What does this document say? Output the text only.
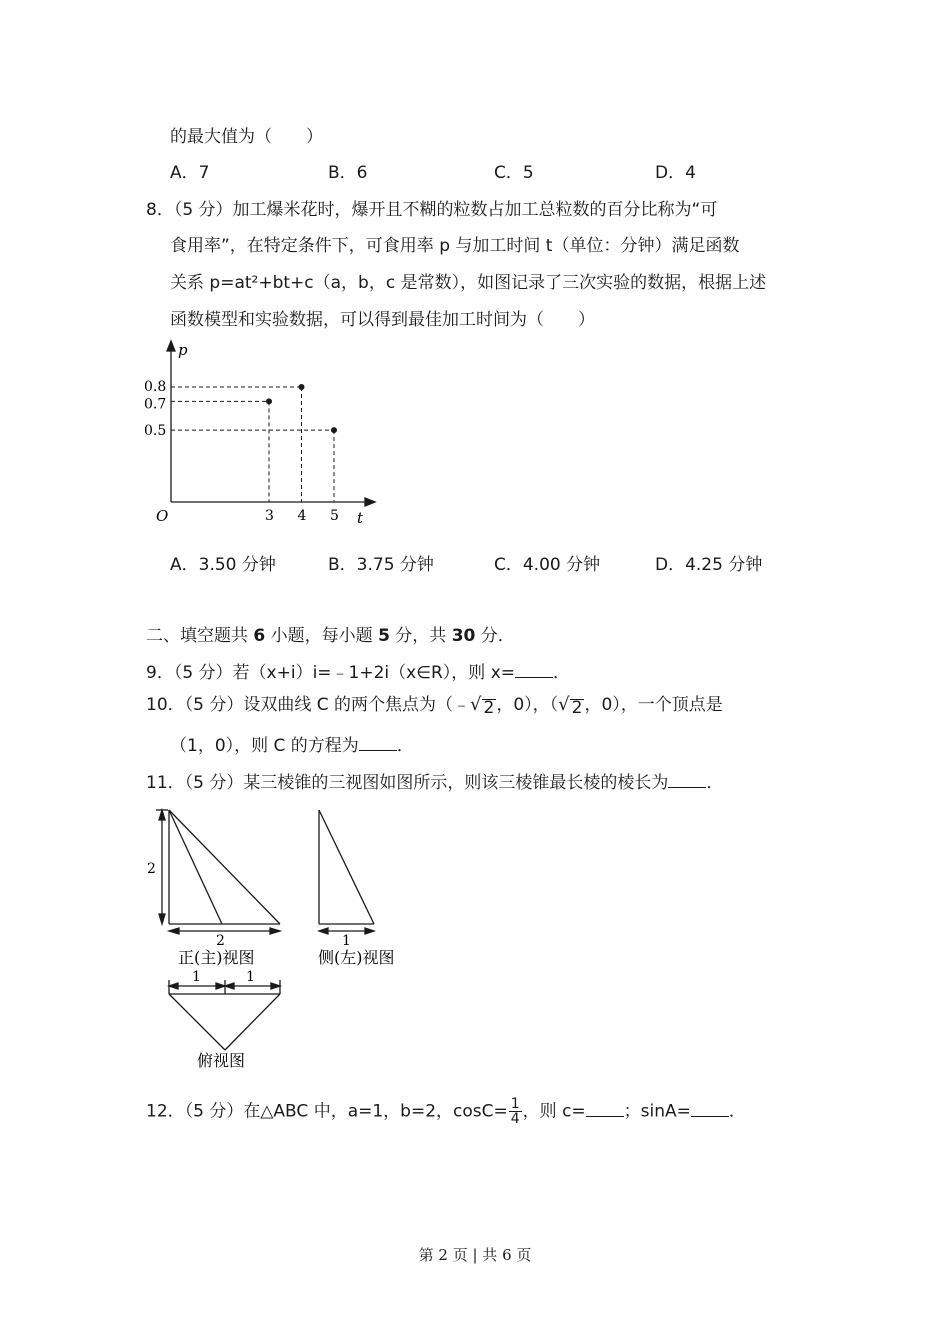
的最大值为（　　）
A．7	B．6	C．5	D．4
8．（5 分）加工爆米花时，爆开且不糊的粒数占加工总粒数的百分比称为“可
食用率”，在特定条件下，可食用率 p 与加工时间 t（单位：分钟）满足函数
关系 p=at²+bt+c（a，b，c 是常数），如图记录了三次实验的数据，根据上述
函数模型和实验数据，可以得到最佳加工时间为（　　）
p
t
O	3 4 5
0.8
0.7
0.5
A．3.50 分钟	B．3.75 分钟	C．4.00 分钟	D．4.25 分钟
二、填空题共 6 小题，每小题 5 分，共 30 分．
9．（5 分）若（x+i）i=﹣1+2i（x∈R），则 x= ．
10．（5 分）设双曲线 C 的两个焦点为（﹣ √ 2 ，0），（ √ 2 ，0），一个顶点是
（1，0），则 C 的方程为 ．
11．（5 分）某三棱锥的三视图如图所示，则该三棱锥最长棱的棱长为 ．
2
2
正(主)视图
1
侧(左)视图
1	1
俯视图
12．（5 分）在△ABC 中，a=1，b=2，$\cos C= \frac{1}{4}$ ，则 c= ；sinA= ．
第 2 页 | 共 6 页
